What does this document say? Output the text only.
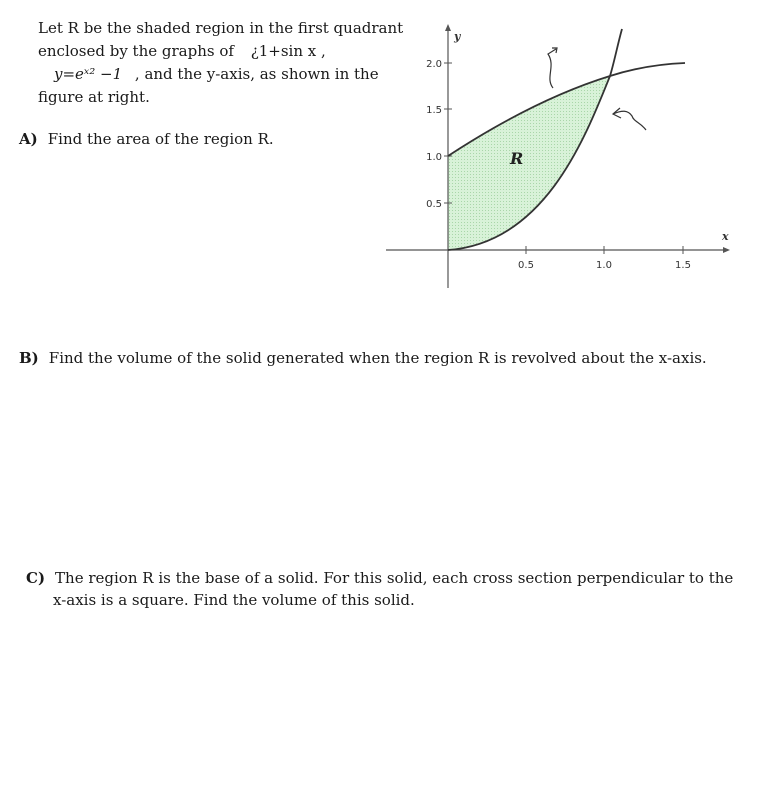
Let R be the shaded region in the first quadrant
enclosed by the graphs of ¿1+sin x ,
y=eˣ² −1 , and the y-axis, as shown in the
figure at right.
A) Find the area of the region R.
B) Find the volume of the solid generated when the region R is revolved about the x-axis.
C) The region R is the base of a solid. For this solid, each cross section perpendicular to the
x-axis is a square. Find the volume of this solid.
0.5
1.0
1.5
2.0
0.5	1.0	1.5
y
x
R
